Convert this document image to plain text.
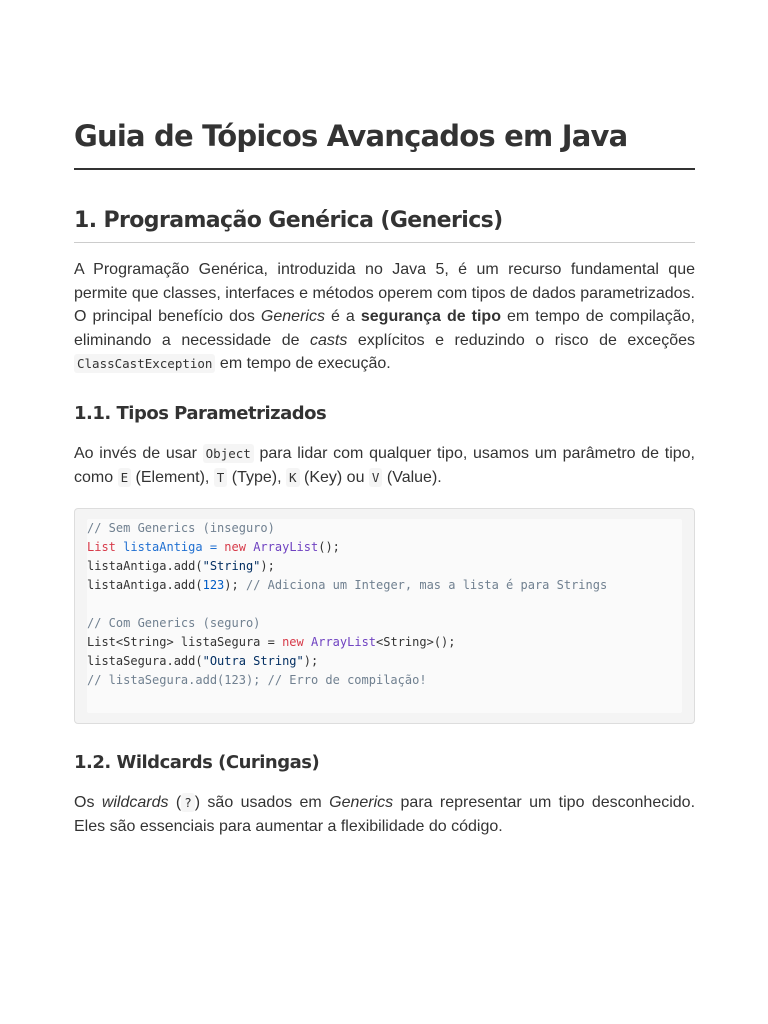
Guia de Tópicos Avançados em Java
1. Programação Genérica (Generics)

A Programação Genérica, introduzida no Java 5, é um recurso fundamental que permite que classes, interfaces e métodos operem com tipos de dados parametrizados. O principal benefício dos Generics é a segurança de tipo em tempo de compilação, eliminando a necessidade de casts explícitos e reduzindo o risco de exceções ClassCastException em tempo de execução.

1.1. Tipos Parametrizados

Ao invés de usar Object para lidar com qualquer tipo, usamos um parâmetro de tipo, como E (Element), T (Type), K (Key) ou V (Value).

// Sem Generics (inseguro)
List listaAntiga = new ArrayList();
listaAntiga.add("String");
listaAntiga.add(123); // Adiciona um Integer, mas a lista é para Strings
// Com Generics (seguro)
List<String> listaSegura = new ArrayList<String>();
listaSegura.add("Outra String");
// listaSegura.add(123); // Erro de compilação!
1.2. Wildcards (Curingas)

Os wildcards ( ? ) são usados em Generics para representar um tipo desconhecido. Eles são essenciais para aumentar a flexibilidade do código.
